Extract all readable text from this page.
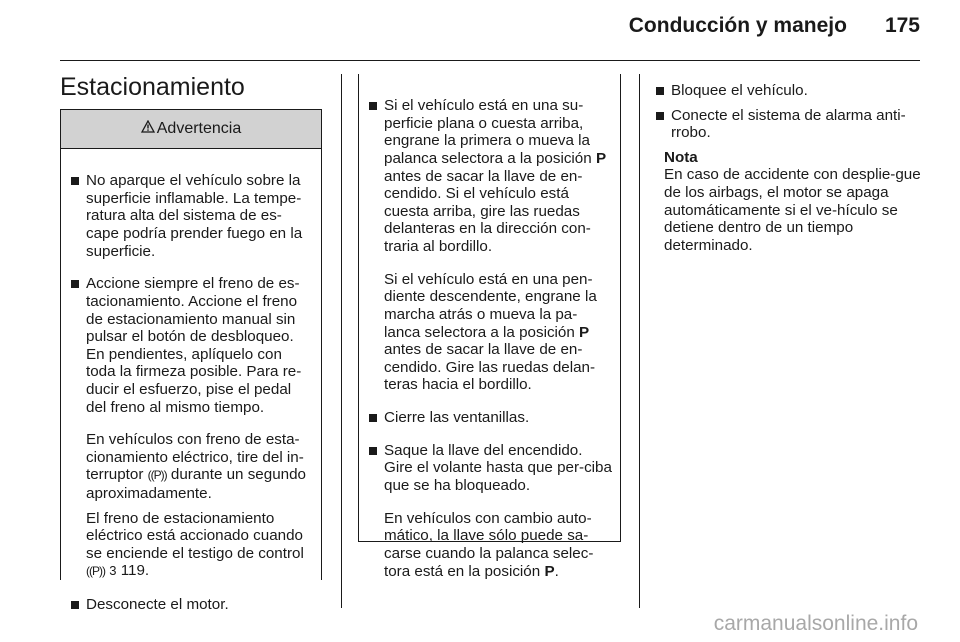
Conducción y manejo 175
Estacionamiento
Advertencia

No aparque el vehículo sobre la superficie inflamable. La tempe-ratura alta del sistema de es-cape podría prender fuego en la superficie.

Accione siempre el freno de es-tacionamiento. Accione el freno de estacionamiento manual sin pulsar el botón de desbloqueo. En pendientes, aplíquelo con toda la firmeza posible. Para re-ducir el esfuerzo, pise el pedal del freno al mismo tiempo.

En vehículos con freno de esta-cionamiento eléctrico, tire del in-terruptor ((P)) durante un segundo aproximadamente.
El freno de estacionamiento eléctrico está accionado cuando se enciende el testigo de control ((P)) 3 119.

Desconecte el motor.

Si el vehículo está en una su-perficie plana o cuesta arriba, engrane la primera o mueva la palanca selectora a la posición P antes de sacar la llave de en-cendido. Si el vehículo está cuesta arriba, gire las ruedas delanteras en la dirección con-traria al bordillo.

Si el vehículo está en una pen-diente descendente, engrane la marcha atrás o mueva la pa-lanca selectora a la posición P antes de sacar la llave de en-cendido. Gire las ruedas delan-teras hacia el bordillo.

Cierre las ventanillas.

Saque la llave del encendido. Gire el volante hasta que per-ciba que se ha bloqueado.

En vehículos con cambio auto-mático, la llave sólo puede sa-carse cuando la palanca selec-tora está en la posición P.

Bloquee el vehículo.

Conecte el sistema de alarma anti-rrobo.

Nota

En caso de accidente con desplie-gue de los airbags, el motor se apaga automáticamente si el ve-hículo se detiene dentro de un tiempo determinado.

carmanualsonline.info
